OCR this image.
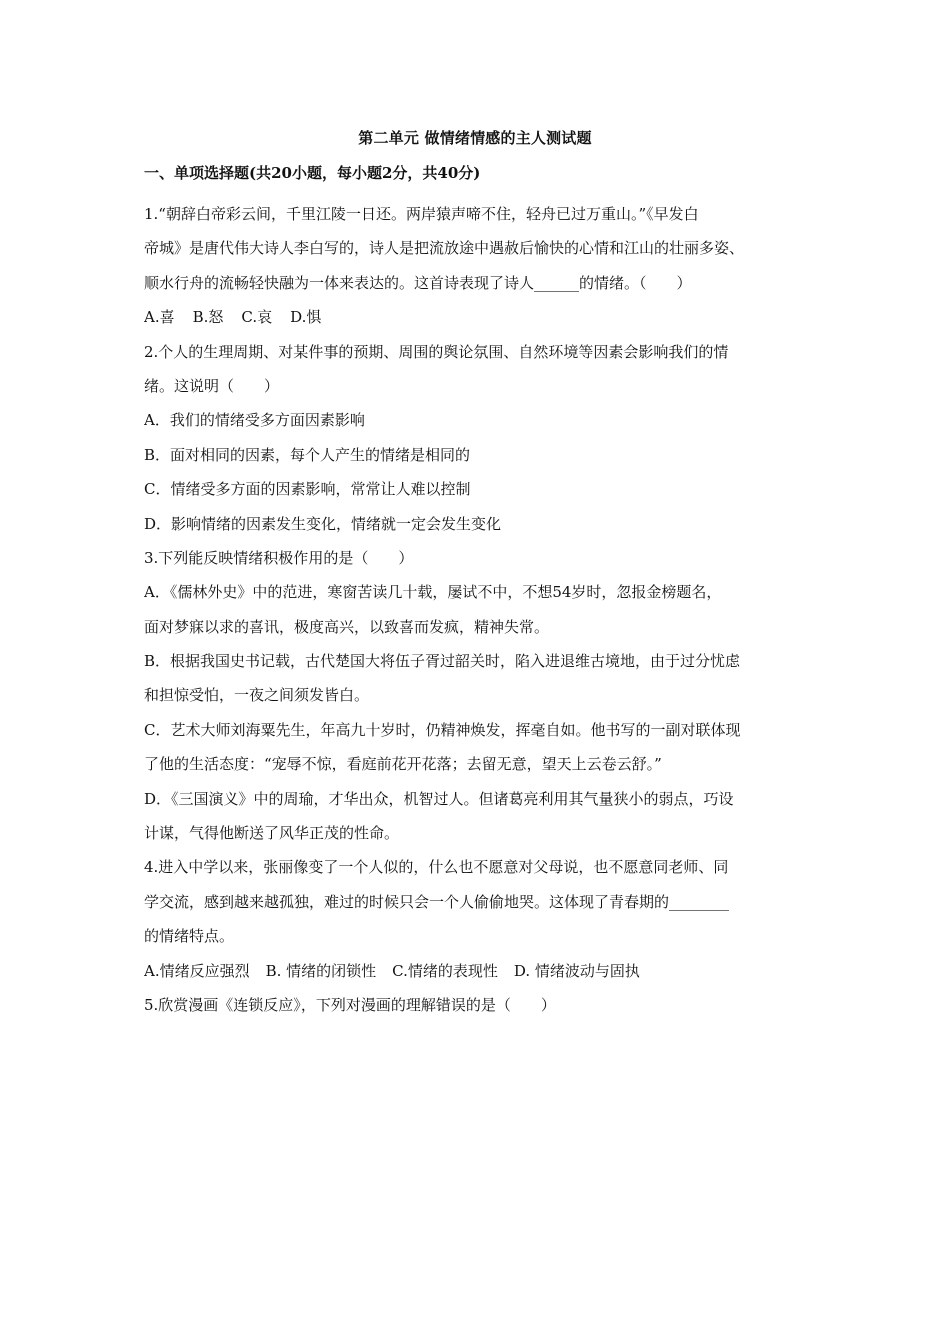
第二单元 做情绪情感的主人测试题
一、单项选择题(共20小题，每小题2分，共40分)
1.“朝辞白帝彩云间，千里江陵一日还。两岸猿声啼不住，轻舟已过万重山。”《早发白
帝城》是唐代伟大诗人李白写的，诗人是把流放途中遇赦后愉快的心情和江山的壮丽多姿、
顺水行舟的流畅轻快融为一体来表达的。这首诗表现了诗人______的情绪。（　　）
A.喜 B.怒 C.哀 D.惧
2.个人的生理周期、对某件事的预期、周围的舆论氛围、自然环境等因素会影响我们的情
绪。这说明（　　）
A．我们的情绪受多方面因素影响
B．面对相同的因素，每个人产生的情绪是相同的
C．情绪受多方面的因素影响，常常让人难以控制
D．影响情绪的因素发生变化，情绪就一定会发生变化
3.下列能反映情绪积极作用的是（　　）
A．《儒林外史》中的范进，寒窗苦读几十载，屡试不中，不想54岁时，忽报金榜题名，
面对梦寐以求的喜讯，极度高兴，以致喜而发疯，精神失常。
B．根据我国史书记载，古代楚国大将伍子胥过韶关时，陷入进退维古境地，由于过分忧虑
和担惊受怕，一夜之间须发皆白。
C．艺术大师刘海粟先生，年高九十岁时，仍精神焕发，挥毫自如。他书写的一副对联体现
了他的生活态度：“宠辱不惊，看庭前花开花落；去留无意，望天上云卷云舒。”
D．《三国演义》中的周瑜，才华出众，机智过人。但诸葛亮利用其气量狭小的弱点，巧设
计谋，气得他断送了风华正茂的性命。
4.进入中学以来，张丽像变了一个人似的，什么也不愿意对父母说，也不愿意同老师、同
学交流，感到越来越孤独，难过的时候只会一个人偷偷地哭。这体现了青春期的________
的情绪特点。
A.情绪反应强烈 B. 情绪的闭锁性 C.情绪的表现性 D. 情绪波动与固执
5.欣赏漫画《连锁反应》，下列对漫画的理解错误的是（　　）
